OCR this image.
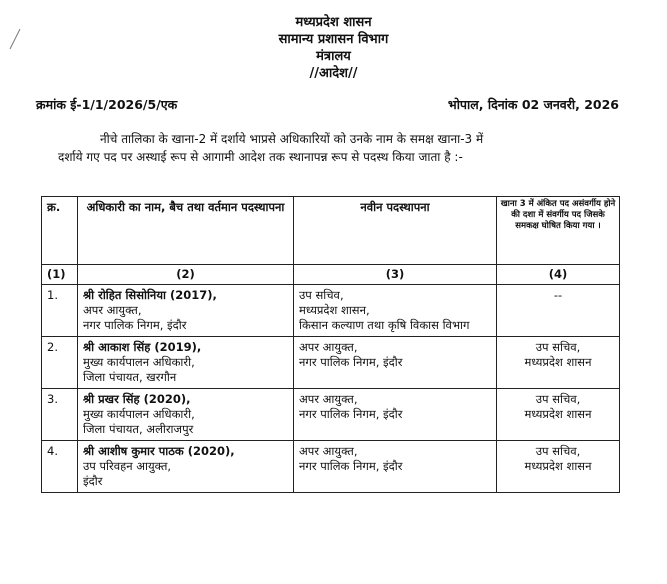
मध्यप्रदेश शासन
सामान्य प्रशासन विभाग
मंत्रालय
//आदेश//
क्रमांक ई-1/1/2026/5/एक	भोपाल, दिनांक 02 जनवरी, 2026
नीचे तालिका के खाना-2 में दर्शाये भाप्रसे अधिकारियों को उनके नाम के समक्ष खाना-3 में
दर्शाये गए पद पर अस्थाई रूप से आगामी आदेश तक स्थानापन्न रूप से पदस्थ किया जाता है :-
क्र.	अधिकारी का नाम, बैच तथा वर्तमान पदस्थापना	नवीन पदस्थापना	खाना 3 में अंकित पद असंवर्गीय होने की दशा में संवर्गीय पद जिसके समकक्ष घोषित किया गया ।
(1)	(2)	(3)	(4)
1.	श्री रोहित सिसोनिया (2017),
अपर आयुक्त,
नगर पालिक निगम, इंदौर	उप सचिव,
मध्यप्रदेश शासन,
किसान कल्याण तथा कृषि विकास विभाग	--

2.	श्री आकाश सिंह (2019),
मुख्य कार्यपालन अधिकारी,
जिला पंचायत, खरगौन	अपर आयुक्त,
नगर पालिक निगम, इंदौर	उप सचिव,
मध्यप्रदेश शासन

3.	श्री प्रखर सिंह (2020),
मुख्य कार्यपालन अधिकारी,
जिला पंचायत, अलीराजपुर	अपर आयुक्त,
नगर पालिक निगम, इंदौर	उप सचिव,
मध्यप्रदेश शासन

4.	श्री आशीष कुमार पाठक (2020),
उप परिवहन आयुक्त,
इंदौर	अपर आयुक्त,
नगर पालिक निगम, इंदौर	उप सचिव,
मध्यप्रदेश शासन
